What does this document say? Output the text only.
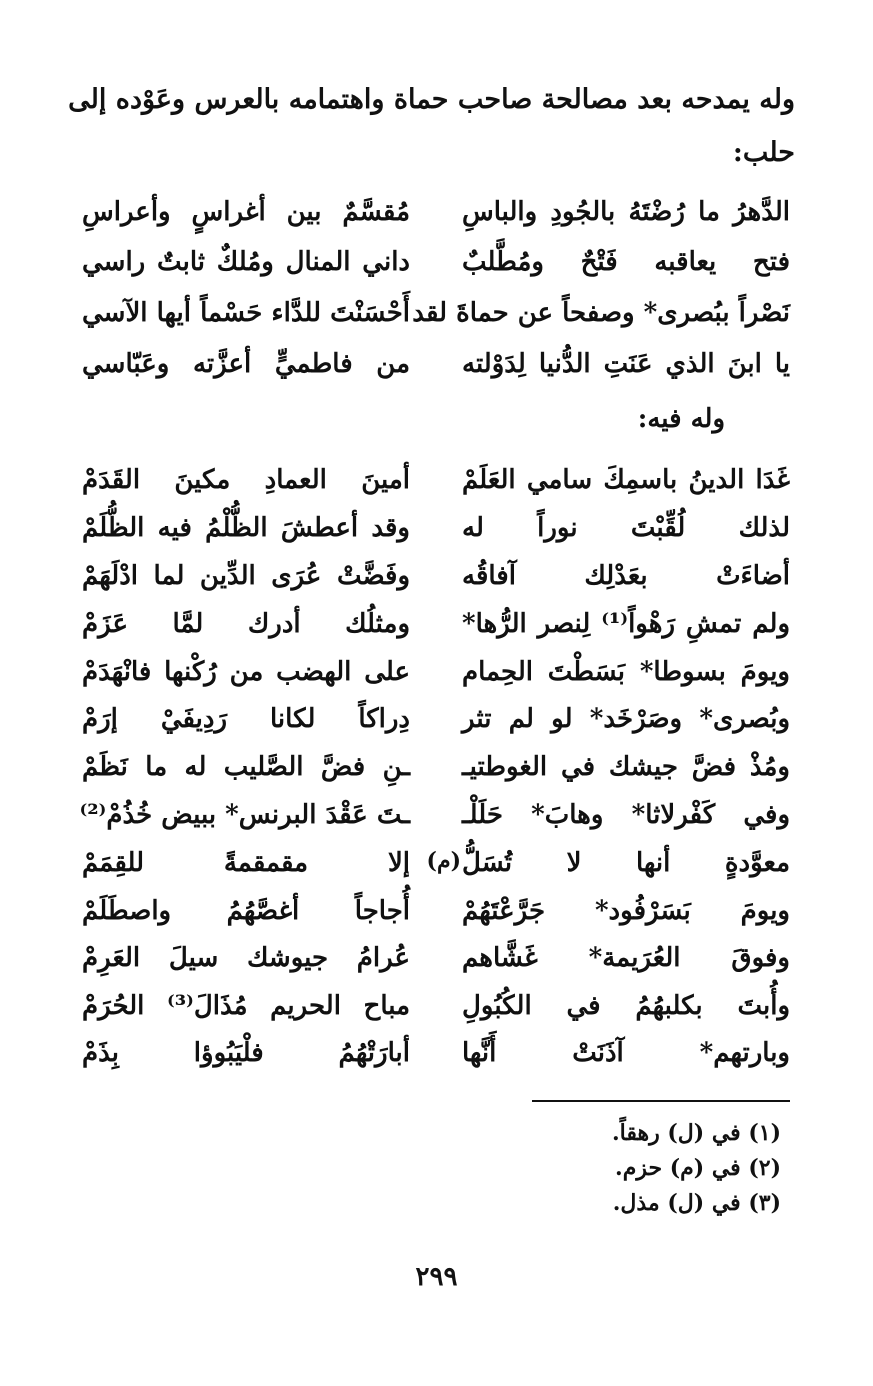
وله يمدحه بعد مصالحة صاحب حماة واهتمامه بالعرس وعَوْده إلى
حلب:
الدَّهرُ ما رُضْتَهُ بالجُودِ والباسِ
مُقسَّمٌ بين أغراسٍ وأعراسِ
فتح يعاقبه فَتْحٌ ومُطَّلبٌ
داني المنال ومُلكٌ ثابتٌ راسي
نَصْراً ببُصرى* وصفحاً عن حماةَ لقد
أَحْسَنْتَ للدَّاء حَسْماً أيها الآسي
يا ابنَ الذي عَنَتِ الدُّنيا لِدَوْلته
من فاطميٍّ أعزَّته وعَبّاسي
وله فيه:
غَدَا الدينُ باسمِكَ سامي العَلَمْ
أمينَ العمادِ مكينَ القَدَمْ
لذلك لُقِّبْتَ نوراً له
وقد أعطشَ الظُّلْمُ فيه الظُّلَمْ
أضاءَتْ بعَدْلِك آفاقُه
وفَضَّتْ عُرَى الدِّين لما ادْلَهَمْ
ولم تمشِ رَهْواً⁽¹⁾ لِنصر الرُّها*
ومثلُك أدرك لمَّا عَزَمْ
ويومَ بسوطا* بَسَطْتَ الحِمام
على الهضب من رُكْنها فانْهَدَمْ
وبُصرى* وصَرْخَد* لو لم تثر
دِراكاً لكانا رَدِيفَيْ إرَمْ
ومُذْ فضَّ جيشك في الغوطتيـ
ـنِ فضَّ الصَّليب له ما نَظَمْ
وفي كَفْرلاثا* وهابَ* حَلَلْـ
ـتَ عَقْدَ البرنس* ببيض خُذُمْ⁽²⁾
معوَّدةٍ أنها لا تُسَلُّ
إلا مقمقمةً للقِمَمْ
ويومَ بَسَرْفُود* جَرَّعْتَهُمْ
أُجاجاً أغصَّهُمُ واصطَلَمْ
وفوقَ العُرَيمة* غَشَّاهم
عُرامُ جيوشك سيلَ العَرِمْ
وأُبتَ بكلبهُمُ في الكُبُولِ
مباح الحريم مُذَالَ⁽³⁾ الحُرَمْ
وبارتهم* آذَنَتْ أَنَّها
أبارَتْهُمُ فلْيَبُوؤا بِذَمْ
(م)
(١) في (ل) رهقاً.
(٢) في (م) حزم.
(٣) في (ل) مذل.
٢٩٩
